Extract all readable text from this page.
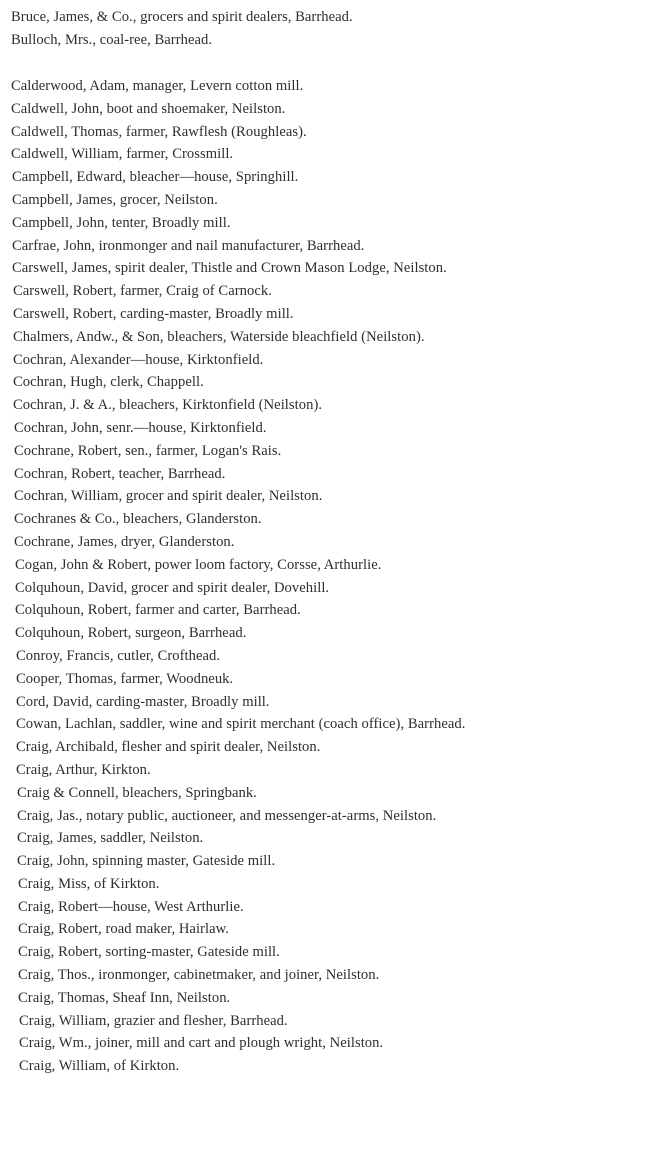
Bruce, James, & Co., grocers and spirit dealers, Barrhead.
Bulloch, Mrs., coal-ree, Barrhead.
Calderwood, Adam, manager, Levern cotton mill.
Caldwell, John, boot and shoemaker, Neilston.
Caldwell, Thomas, farmer, Rawflesh (Roughleas).
Caldwell, William, farmer, Crossmill.
Campbell, Edward, bleacher—house, Springhill.
Campbell, James, grocer, Neilston.
Campbell, John, tenter, Broadly mill.
Carfrae, John, ironmonger and nail manufacturer, Barrhead.
Carswell, James, spirit dealer, Thistle and Crown Mason Lodge, Neilston.
Carswell, Robert, farmer, Craig of Carnock.
Carswell, Robert, carding-master, Broadly mill.
Chalmers, Andw., & Son, bleachers, Waterside bleachfield (Neilston).
Cochran, Alexander—house, Kirktonfield.
Cochran, Hugh, clerk, Chappell.
Cochran, J. & A., bleachers, Kirktonfield (Neilston).
Cochran, John, senr.—house, Kirktonfield.
Cochrane, Robert, sen., farmer, Logan's Rais.
Cochran, Robert, teacher, Barrhead.
Cochran, William, grocer and spirit dealer, Neilston.
Cochranes & Co., bleachers, Glanderston.
Cochrane, James, dryer, Glanderston.
Cogan, John & Robert, power loom factory, Corsse, Arthurlie.
Colquhoun, David, grocer and spirit dealer, Dovehill.
Colquhoun, Robert, farmer and carter, Barrhead.
Colquhoun, Robert, surgeon, Barrhead.
Conroy, Francis, cutler, Crofthead.
Cooper, Thomas, farmer, Woodneuk.
Cord, David, carding-master, Broadly mill.
Cowan, Lachlan, saddler, wine and spirit merchant (coach office), Barrhead.
Craig, Archibald, flesher and spirit dealer, Neilston.
Craig, Arthur, Kirkton.
Craig & Connell, bleachers, Springbank.
Craig, Jas., notary public, auctioneer, and messenger-at-arms, Neilston.
Craig, James, saddler, Neilston.
Craig, John, spinning master, Gateside mill.
Craig, Miss, of Kirkton.
Craig, Robert—house, West Arthurlie.
Craig, Robert, road maker, Hairlaw.
Craig, Robert, sorting-master, Gateside mill.
Craig, Thos., ironmonger, cabinetmaker, and joiner, Neilston.
Craig, Thomas, Sheaf Inn, Neilston.
Craig, William, grazier and flesher, Barrhead.
Craig, Wm., joiner, mill and cart and plough wright, Neilston.
Craig, William, of Kirkton.
